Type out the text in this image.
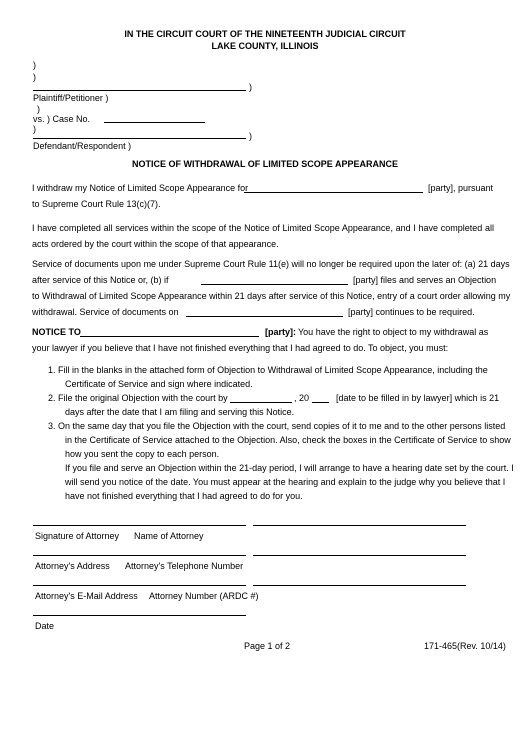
IN THE CIRCUIT COURT OF THE NINETEENTH JUDICIAL CIRCUIT
LAKE COUNTY, ILLINOIS
)
)
)
Plaintiff/Petitioner )
)
vs. ) Case No.
)
)
Defendant/Respondent )
NOTICE OF WITHDRAWAL OF LIMITED SCOPE APPEARANCE
I withdraw my Notice of Limited Scope Appearance for	[party], pursuant
to Supreme Court Rule 13(c)(7).
I have completed all services within the scope of the Notice of Limited Scope Appearance, and I have completed all acts ordered by the court within the scope of that appearance.
Service of documents upon me under Supreme Court Rule 11(e) will no longer be required upon the later of: (a) 21 days
after service of this Notice or, (b) if	[party] files and serves an Objection
to Withdrawal of Limited Scope Appearance within 21 days after service of this Notice, entry of a court order allowing my
withdrawal. Service of documents on	[party] continues to be required.
NOTICE TO	[party]: You have the right to object to my withdrawal as
your lawyer if you believe that I have not finished everything that I had agreed to do. To object, you must:
1. Fill in the blanks in the attached form of Objection to Withdrawal of Limited Scope Appearance, including the
Certificate of Service and sign where indicated.
2. File the original Objection with the court by	, 20	[date to be filled in by lawyer] which is 21
days after the date that I am filing and serving this Notice.
3. On the same day that you file the Objection with the court, send copies of it to me and to the other persons listed
in the Certificate of Service attached to the Objection. Also, check the boxes in the Certificate of Service to show
how you sent the copy to each person.
If you file and serve an Objection within the 21-day period, I will arrange to have a hearing date set by the court. I
will send you notice of the date. You must appear at the hearing and explain to the judge why you believe that I
have not finished everything that I had agreed to do for you.
Signature of Attorney Name of Attorney
Attorney's Address Attorney's Telephone Number
Attorney's E-Mail Address Attorney Number (ARDC #)
Date
Page 1 of 2	171-465(Rev. 10/14)
